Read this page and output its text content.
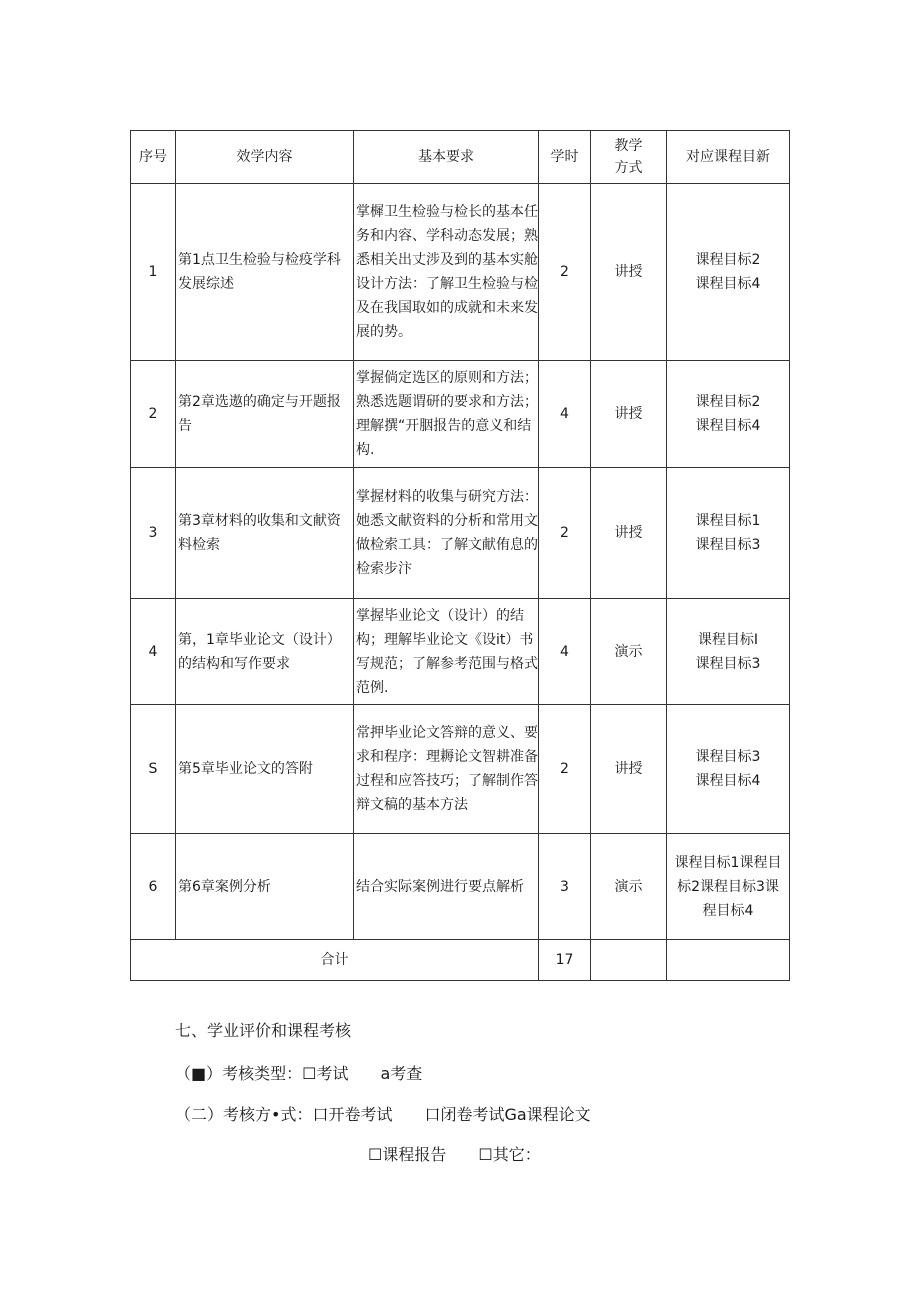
序号	效学内容	基本要求	学时	教学方式	对应课程目新
1	第1点卫生检验与检疫学科发展综述	掌樨卫生检验与检长的基本任务和内容、学科动态发展；熟悉相关出丈涉及到的基本实舱设计方法：了解卫生检验与检及在我国取如的成就和未来发展的势。	2	讲授	课程目标2
课程目标4

2	第2章选遨的确定与开题报告	掌握倘定选区的原则和方法；熟悉选题谓研的要求和方法；理解撰“开胭报告的意义和结构.	4	讲授	课程目标2
课程目标4

3	第3章材料的收集和文献资料检索	掌握材料的收集与研究方法：她悉文献资料的分析和常用文做检索工具：了解文献侑息的检索步汴	2	讲授	课程目标1
课程目标3

4	第，1章毕业论文（设计）的结构和写作要求	掌握毕业论文（设计）的结构；理解毕业论文《设it）书写规范；了解参考范围与格式范例.	4	演示	课程目标I
课程目标3

S	第5章毕业论文的答附	常押毕业论文答辩的意义、要求和程序：理耨论文智耕准备过程和应答技巧；了解制作答辩文稿的基本方法	2	讲授	课程目标3
课程目标4

6	第6章案例分析	结合实际案例进行要点解析	3	演示	课程目标1课程目标2课程目标3课程目标4

合计			17		
七、学业评价和课程考核
（■）考核类型：☐考试　　a考查
（二）考核方•式：口开卷考试　　口闭卷考试Ga课程论文
☐课程报告　　☐其它：
